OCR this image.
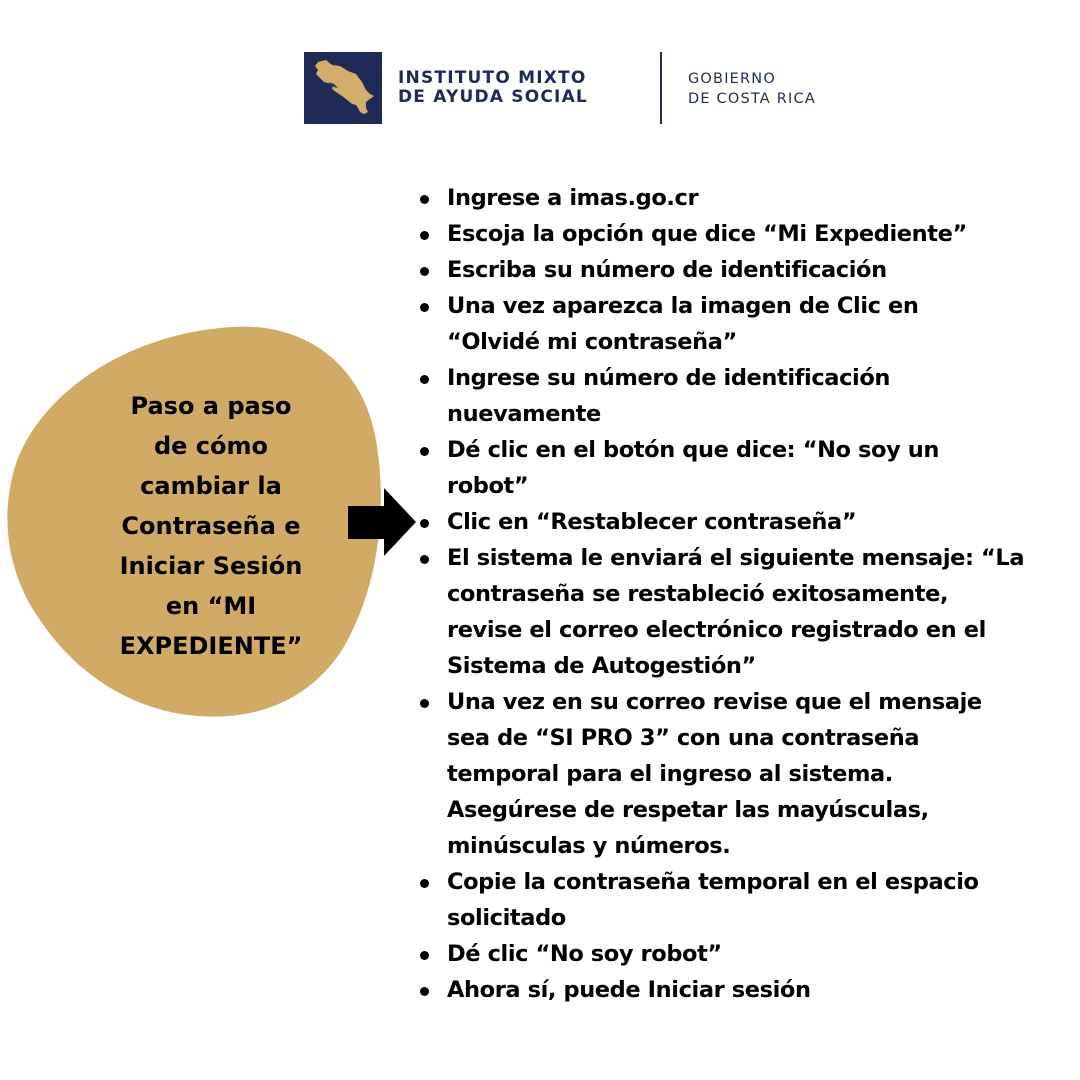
INSTITUTO MIXTO
DE AYUDA SOCIAL
GOBIERNO
DE COSTA RICA
Paso a paso
de cómo
cambiar la
Contraseña e
Iniciar Sesión
en “MI
EXPEDIENTE”
Ingrese a imas.go.cr
Escoja la opción que dice “Mi Expediente”
Escriba su número de identificación
Una vez aparezca la imagen de Clic en
“Olvidé mi contraseña”
Ingrese su número de identificación
nuevamente
Dé clic en el botón que dice: “No soy un
robot”
Clic en “Restablecer contraseña”
El sistema le enviará el siguiente mensaje: “La
contraseña se restableció exitosamente,
revise el correo electrónico registrado en el
Sistema de Autogestión”
Una vez en su correo revise que el mensaje
sea de “SI PRO 3” con una contraseña
temporal para el ingreso al sistema.
Asegúrese de respetar las mayúsculas,
minúsculas y números.
Copie la contraseña temporal en el espacio
solicitado
Dé clic “No soy robot”
Ahora sí, puede Iniciar sesión
